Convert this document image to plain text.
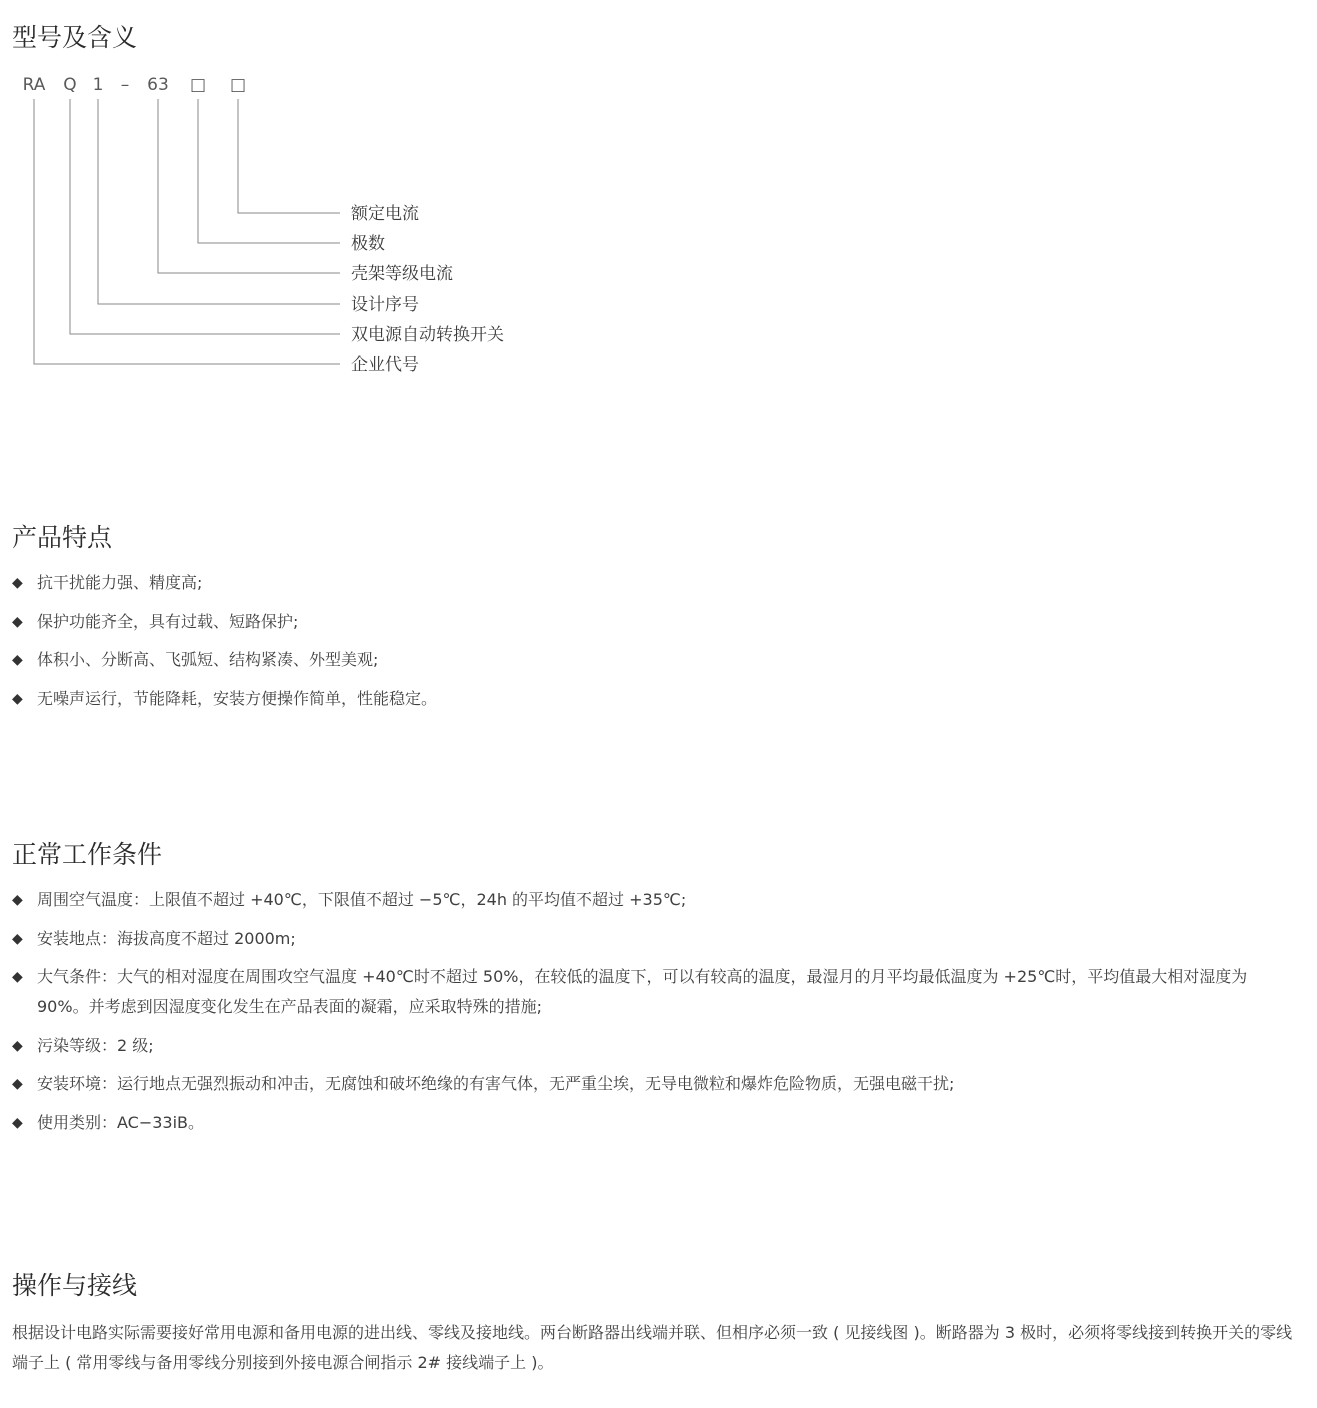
型号及含义
RA Q 1 – 63 □ □
额定电流
极数
壳架等级电流
设计序号
双电源自动转换开关
企业代号
产品特点
◆ 抗干扰能力强、精度高;
◆ 保护功能齐全，具有过载、短路保护;
◆ 体积小、分断高、飞弧短、结构紧凑、外型美观;
◆ 无噪声运行，节能降耗，安装方便操作简单，性能稳定。
正常工作条件
◆ 周围空气温度：上限值不超过 +40℃，下限值不超过 −5℃，24h 的平均值不超过 +35℃;
◆ 安装地点：海拔高度不超过 2000m;
◆ 大气条件：大气的相对湿度在周围攻空气温度 +40℃时不超过 50%，在较低的温度下，可以有较高的温度，最湿月的月平均最低温度为 +25℃时，平均值最大相对湿度为 90%。并考虑到因湿度变化发生在产品表面的凝霜，应采取特殊的措施;
◆ 污染等级：2 级;
◆ 安装环境：运行地点无强烈振动和冲击，无腐蚀和破坏绝缘的有害气体，无严重尘埃，无导电微粒和爆炸危险物质，无强电磁干扰;
◆ 使用类别：AC−33iB。
操作与接线

根据设计电路实际需要接好常用电源和备用电源的进出线、零线及接地线。两台断路器出线端并联、但相序必须一致 ( 见接线图 )。断路器为 3 极时，必须将零线接到转换开关的零线端子上 ( 常用零线与备用零线分别接到外接电源合闸指示 2# 接线端子上 )。
